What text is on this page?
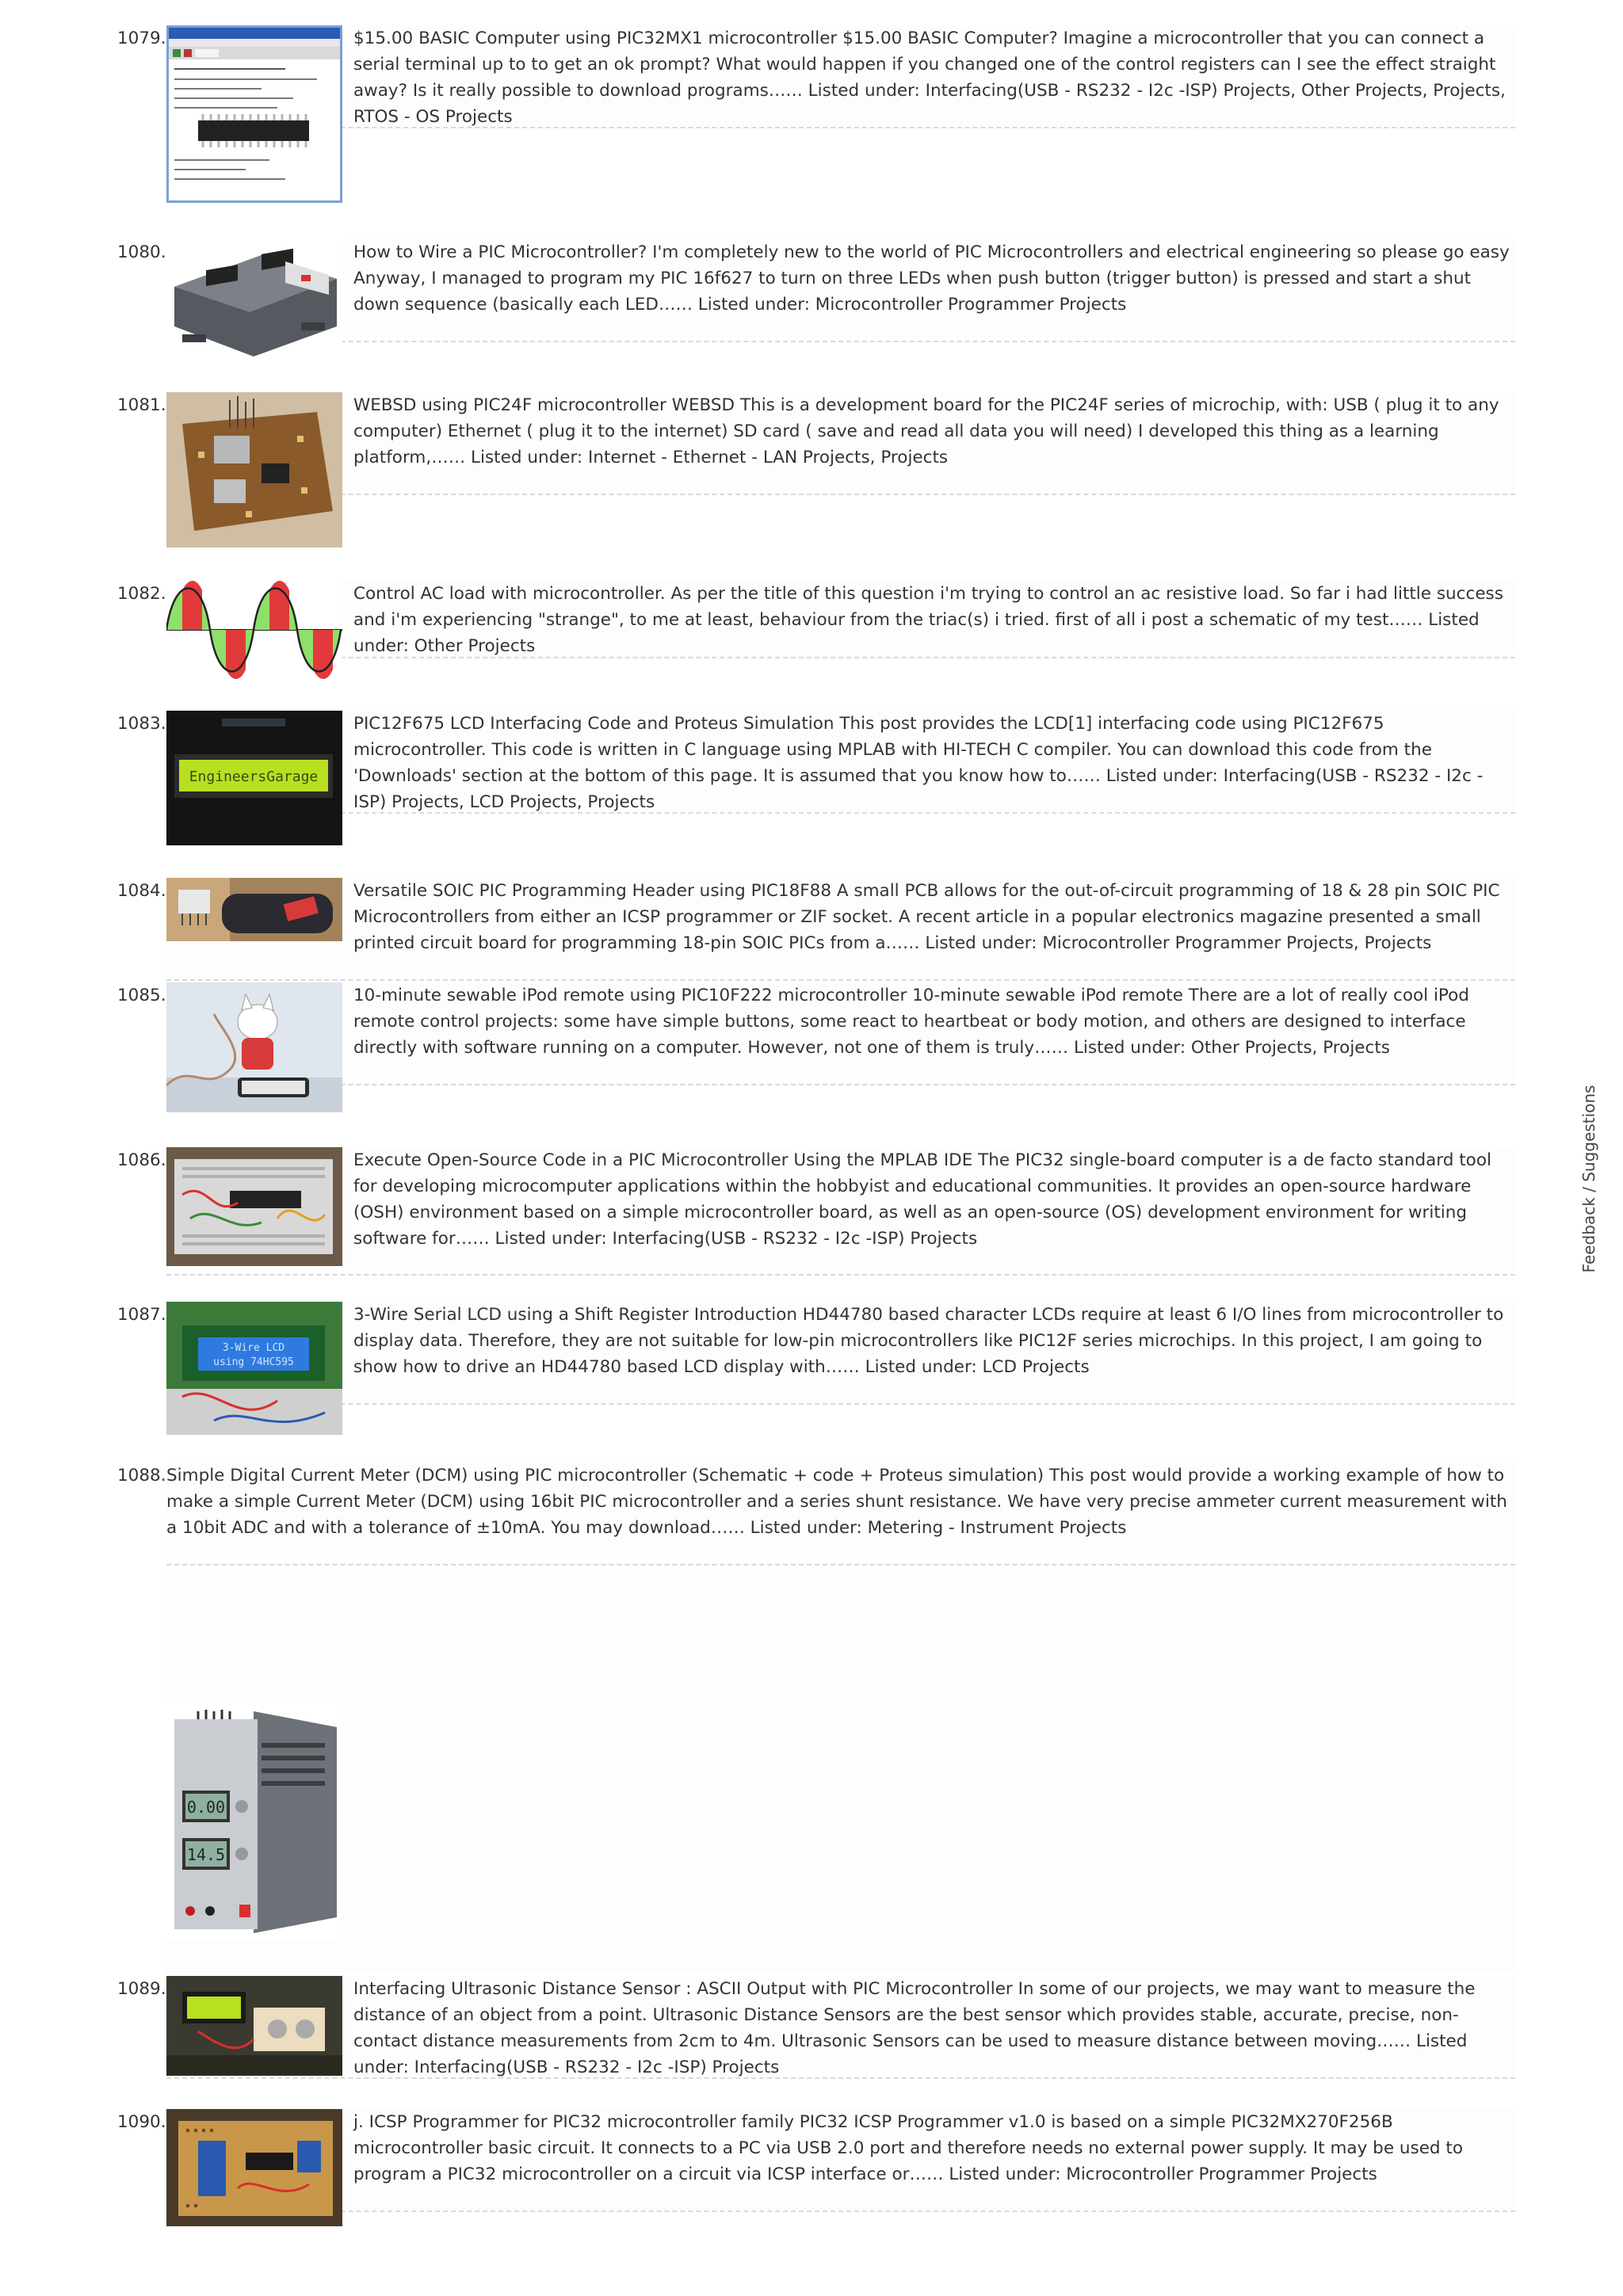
1079.	$15.00 BASIC Computer using PIC32MX1 microcontroller $15.00 BASIC Computer? Imagine a microcontroller that you can connect a serial terminal up to to get an ok prompt? What would happen if you changed one of the control registers can I see the effect straight away? Is it really possible to download programs…… Listed under: Interfacing(USB - RS232 - I2c -ISP) Projects, Other Projects, Projects, RTOS - OS Projects
1080.	How to Wire a PIC Microcontroller? I'm completely new to the world of PIC Microcontrollers and electrical engineering so please go easy Anyway, I managed to program my PIC 16f627 to turn on three LEDs when push button (trigger button) is pressed and start a shut down sequence (basically each LED…… Listed under: Microcontroller Programmer Projects
1081.	WEBSD using PIC24F microcontroller WEBSD This is a development board for the PIC24F series of microchip, with: USB ( plug it to any computer) Ethernet ( plug it to the internet) SD card ( save and read all data you will need) I developed this thing as a learning platform,…… Listed under: Internet - Ethernet - LAN Projects, Projects
1082.	Control AC load with microcontroller. As per the title of this question i'm trying to control an ac resistive load. So far i had little success and i'm experiencing "strange", to me at least, behaviour from the triac(s) i tried. first of all i post a schematic of my test…… Listed under: Other Projects
1083.
EngineersGarage
PIC12F675 LCD Interfacing Code and Proteus Simulation This post provides the LCD[1] interfacing code using PIC12F675 microcontroller. This code is written in C language using MPLAB with HI-TECH C compiler. You can download this code from the 'Downloads' section at the bottom of this page. It is assumed that you know how to…… Listed under: Interfacing(USB - RS232 - I2c -ISP) Projects, LCD Projects, Projects
1084.	Versatile SOIC PIC Programming Header using PIC18F88 A small PCB allows for the out-of-circuit programming of 18 & 28 pin SOIC PIC Microcontrollers from either an ICSP programmer or ZIF socket. A recent article in a popular electronics magazine presented a small printed circuit board for programming 18-pin SOIC PICs from a…… Listed under: Microcontroller Programmer Projects, Projects
1085.	10-minute sewable iPod remote using PIC10F222 microcontroller 10-minute sewable iPod remote There are a lot of really cool iPod remote control projects: some have simple buttons, some react to heartbeat or body motion, and others are designed to interface directly with software running on a computer. However, not one of them is truly…… Listed under: Other Projects, Projects
1086.	Execute Open-Source Code in a PIC Microcontroller Using the MPLAB IDE The PIC32 single-board computer is a de facto standard tool for developing microcomputer applications within the hobbyist and educational communities. It provides an open-source hardware (OSH) environment based on a simple microcontroller board, as well as an open-source (OS) development environment for writing software for…… Listed under: Interfacing(USB - RS232 - I2c -ISP) Projects
1087.
3-Wire LCD
using 74HC595
3-Wire Serial LCD using a Shift Register Introduction HD44780 based character LCDs require at least 6 I/O lines from microcontroller to display data. Therefore, they are not suitable for low-pin microcontrollers like PIC12F series microchips. In this project, I am going to show how to drive an HD44780 based LCD display with…… Listed under: LCD Projects
1088. Simple Digital Current Meter (DCM) using PIC microcontroller (Schematic + code + Proteus simulation) This post would provide a working example of how to make a simple Current Meter (DCM) using 16bit PIC microcontroller and a series shunt resistance. We have very precise ammeter current measurement with a 10bit ADC and with a tolerance of ±10mA. You may download…… Listed under: Metering - Instrument Projects
0.00
14.5
1089.	Interfacing Ultrasonic Distance Sensor : ASCII Output with PIC Microcontroller In some of our projects, we may want to measure the distance of an object from a point. Ultrasonic Distance Sensors are the best sensor which provides stable, accurate, precise, non-contact distance measurements from 2cm to 4m. Ultrasonic Sensors can be used to measure distance between moving…… Listed under: Interfacing(USB - RS232 - I2c -ISP) Projects
1090.	j. ICSP Programmer for PIC32 microcontroller family PIC32 ICSP Programmer v1.0 is based on a simple PIC32MX270F256B microcontroller basic circuit. It connects to a PC via USB 2.0 port and therefore needs no external power supply. It may be used to program a PIC32 microcontroller on a circuit via ICSP interface or…… Listed under: Microcontroller Programmer Projects
Feedback / Suggestions
